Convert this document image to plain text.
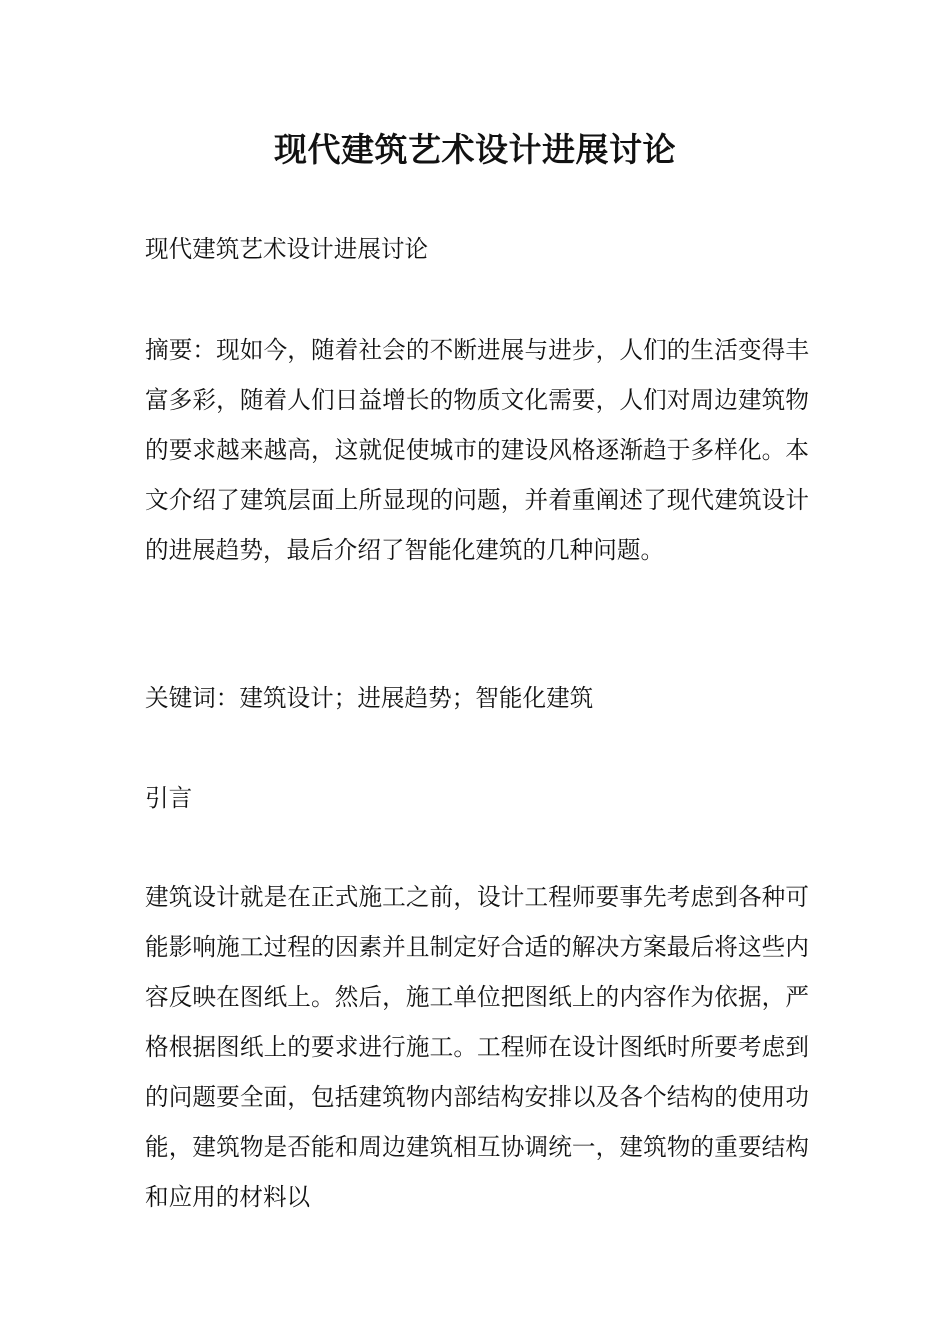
现代建筑艺术设计进展讨论

现代建筑艺术设计进展讨论

摘要：现如今，随着社会的不断进展与进步，人们的生活变得丰富多彩，随着人们日益增长的物质文化需要，人们对周边建筑物的要求越来越高，这就促使城市的建设风格逐渐趋于多样化。本文介绍了建筑层面上所显现的问题，并着重阐述了现代建筑设计的进展趋势，最后介绍了智能化建筑的几种问题。

关键词：建筑设计；进展趋势；智能化建筑

引言

建筑设计就是在正式施工之前，设计工程师要事先考虑到各种可能影响施工过程的因素并且制定好合适的解决方案最后将这些内容反映在图纸上。然后，施工单位把图纸上的内容作为依据，严格根据图纸上的要求进行施工。工程师在设计图纸时所要考虑到的问题要全面，包括建筑物内部结构安排以及各个结构的使用功能，建筑物是否能和周边建筑相互协调统一，建筑物的重要结构和应用的材料以
